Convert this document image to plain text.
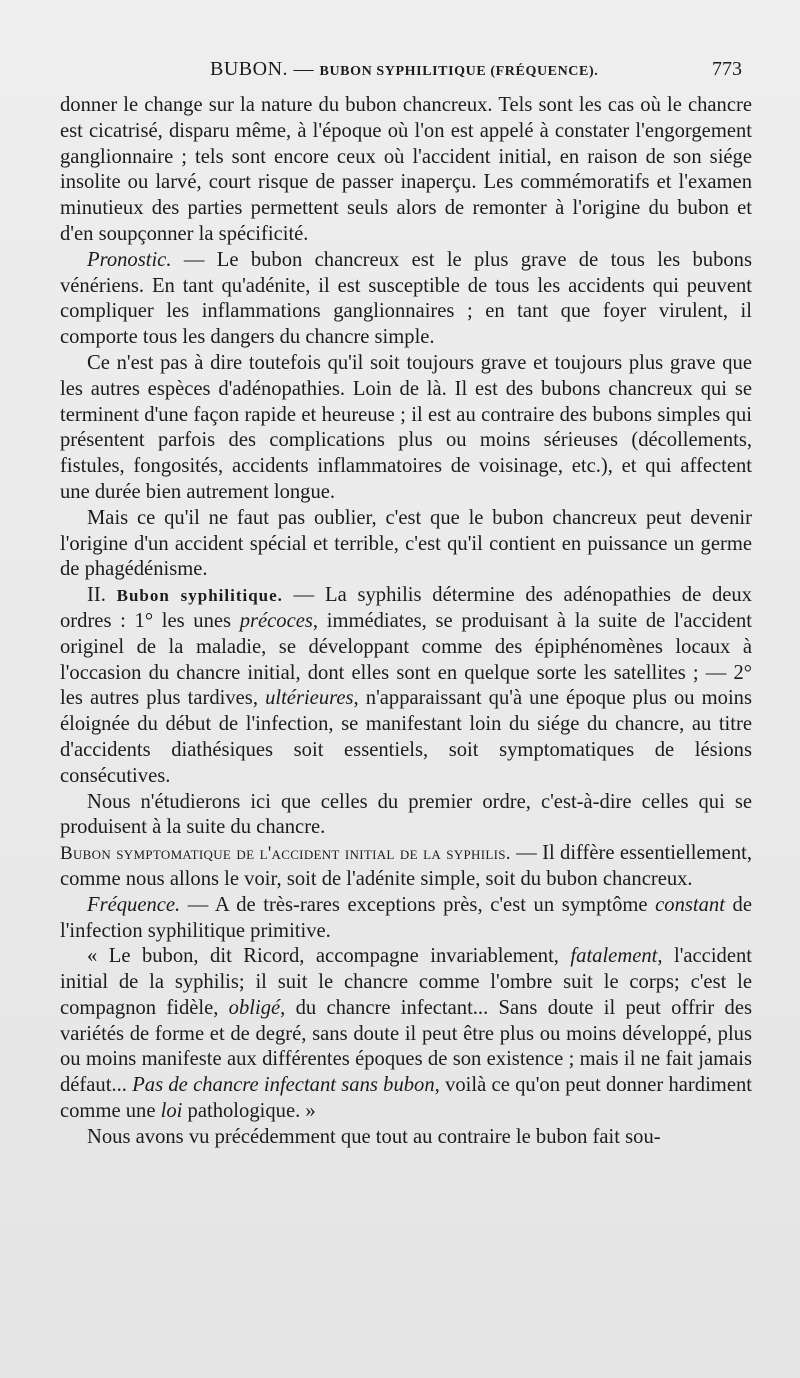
BUBON. — BUBON SYPHILITIQUE (FRÉQUENCE).	773

donner le change sur la nature du bubon chancreux. Tels sont les cas où le chancre est cicatrisé, disparu même, à l'époque où l'on est appelé à constater l'engorgement ganglionnaire ; tels sont encore ceux où l'accident initial, en raison de son siége insolite ou larvé, court risque de passer inaperçu. Les commémoratifs et l'examen minutieux des parties permettent seuls alors de remonter à l'origine du bubon et d'en soupçonner la spécificité.

Pronostic. — Le bubon chancreux est le plus grave de tous les bubons vénériens. En tant qu'adénite, il est susceptible de tous les accidents qui peuvent compliquer les inflammations ganglionnaires ; en tant que foyer virulent, il comporte tous les dangers du chancre simple.

Ce n'est pas à dire toutefois qu'il soit toujours grave et toujours plus grave que les autres espèces d'adénopathies. Loin de là. Il est des bubons chancreux qui se terminent d'une façon rapide et heureuse ; il est au contraire des bubons simples qui présentent parfois des complications plus ou moins sérieuses (décollements, fistules, fongosités, accidents inflammatoires de voisinage, etc.), et qui affectent une durée bien autrement longue.

Mais ce qu'il ne faut pas oublier, c'est que le bubon chancreux peut devenir l'origine d'un accident spécial et terrible, c'est qu'il contient en puissance un germe de phagédénisme.

II. Bubon syphilitique. — La syphilis détermine des adénopathies de deux ordres : 1° les unes précoces, immédiates, se produisant à la suite de l'accident originel de la maladie, se développant comme des épiphénomènes locaux à l'occasion du chancre initial, dont elles sont en quelque sorte les satellites ; — 2° les autres plus tardives, ultérieures, n'apparaissant qu'à une époque plus ou moins éloignée du début de l'infection, se manifestant loin du siége du chancre, au titre d'accidents diathésiques soit essentiels, soit symptomatiques de lésions consécutives.

Nous n'étudierons ici que celles du premier ordre, c'est-à-dire celles qui se produisent à la suite du chancre.

Bubon symptomatique de l'accident initial de la syphilis. — Il diffère essentiellement, comme nous allons le voir, soit de l'adénite simple, soit du bubon chancreux.

Fréquence. — A de très-rares exceptions près, c'est un symptôme constant de l'infection syphilitique primitive.

« Le bubon, dit Ricord, accompagne invariablement, fatalement, l'accident initial de la syphilis; il suit le chancre comme l'ombre suit le corps; c'est le compagnon fidèle, obligé, du chancre infectant... Sans doute il peut offrir des variétés de forme et de degré, sans doute il peut être plus ou moins développé, plus ou moins manifeste aux différentes époques de son existence ; mais il ne fait jamais défaut... Pas de chancre infectant sans bubon, voilà ce qu'on peut donner hardiment comme une loi pathologique. »

Nous avons vu précédemment que tout au contraire le bubon fait sou-
